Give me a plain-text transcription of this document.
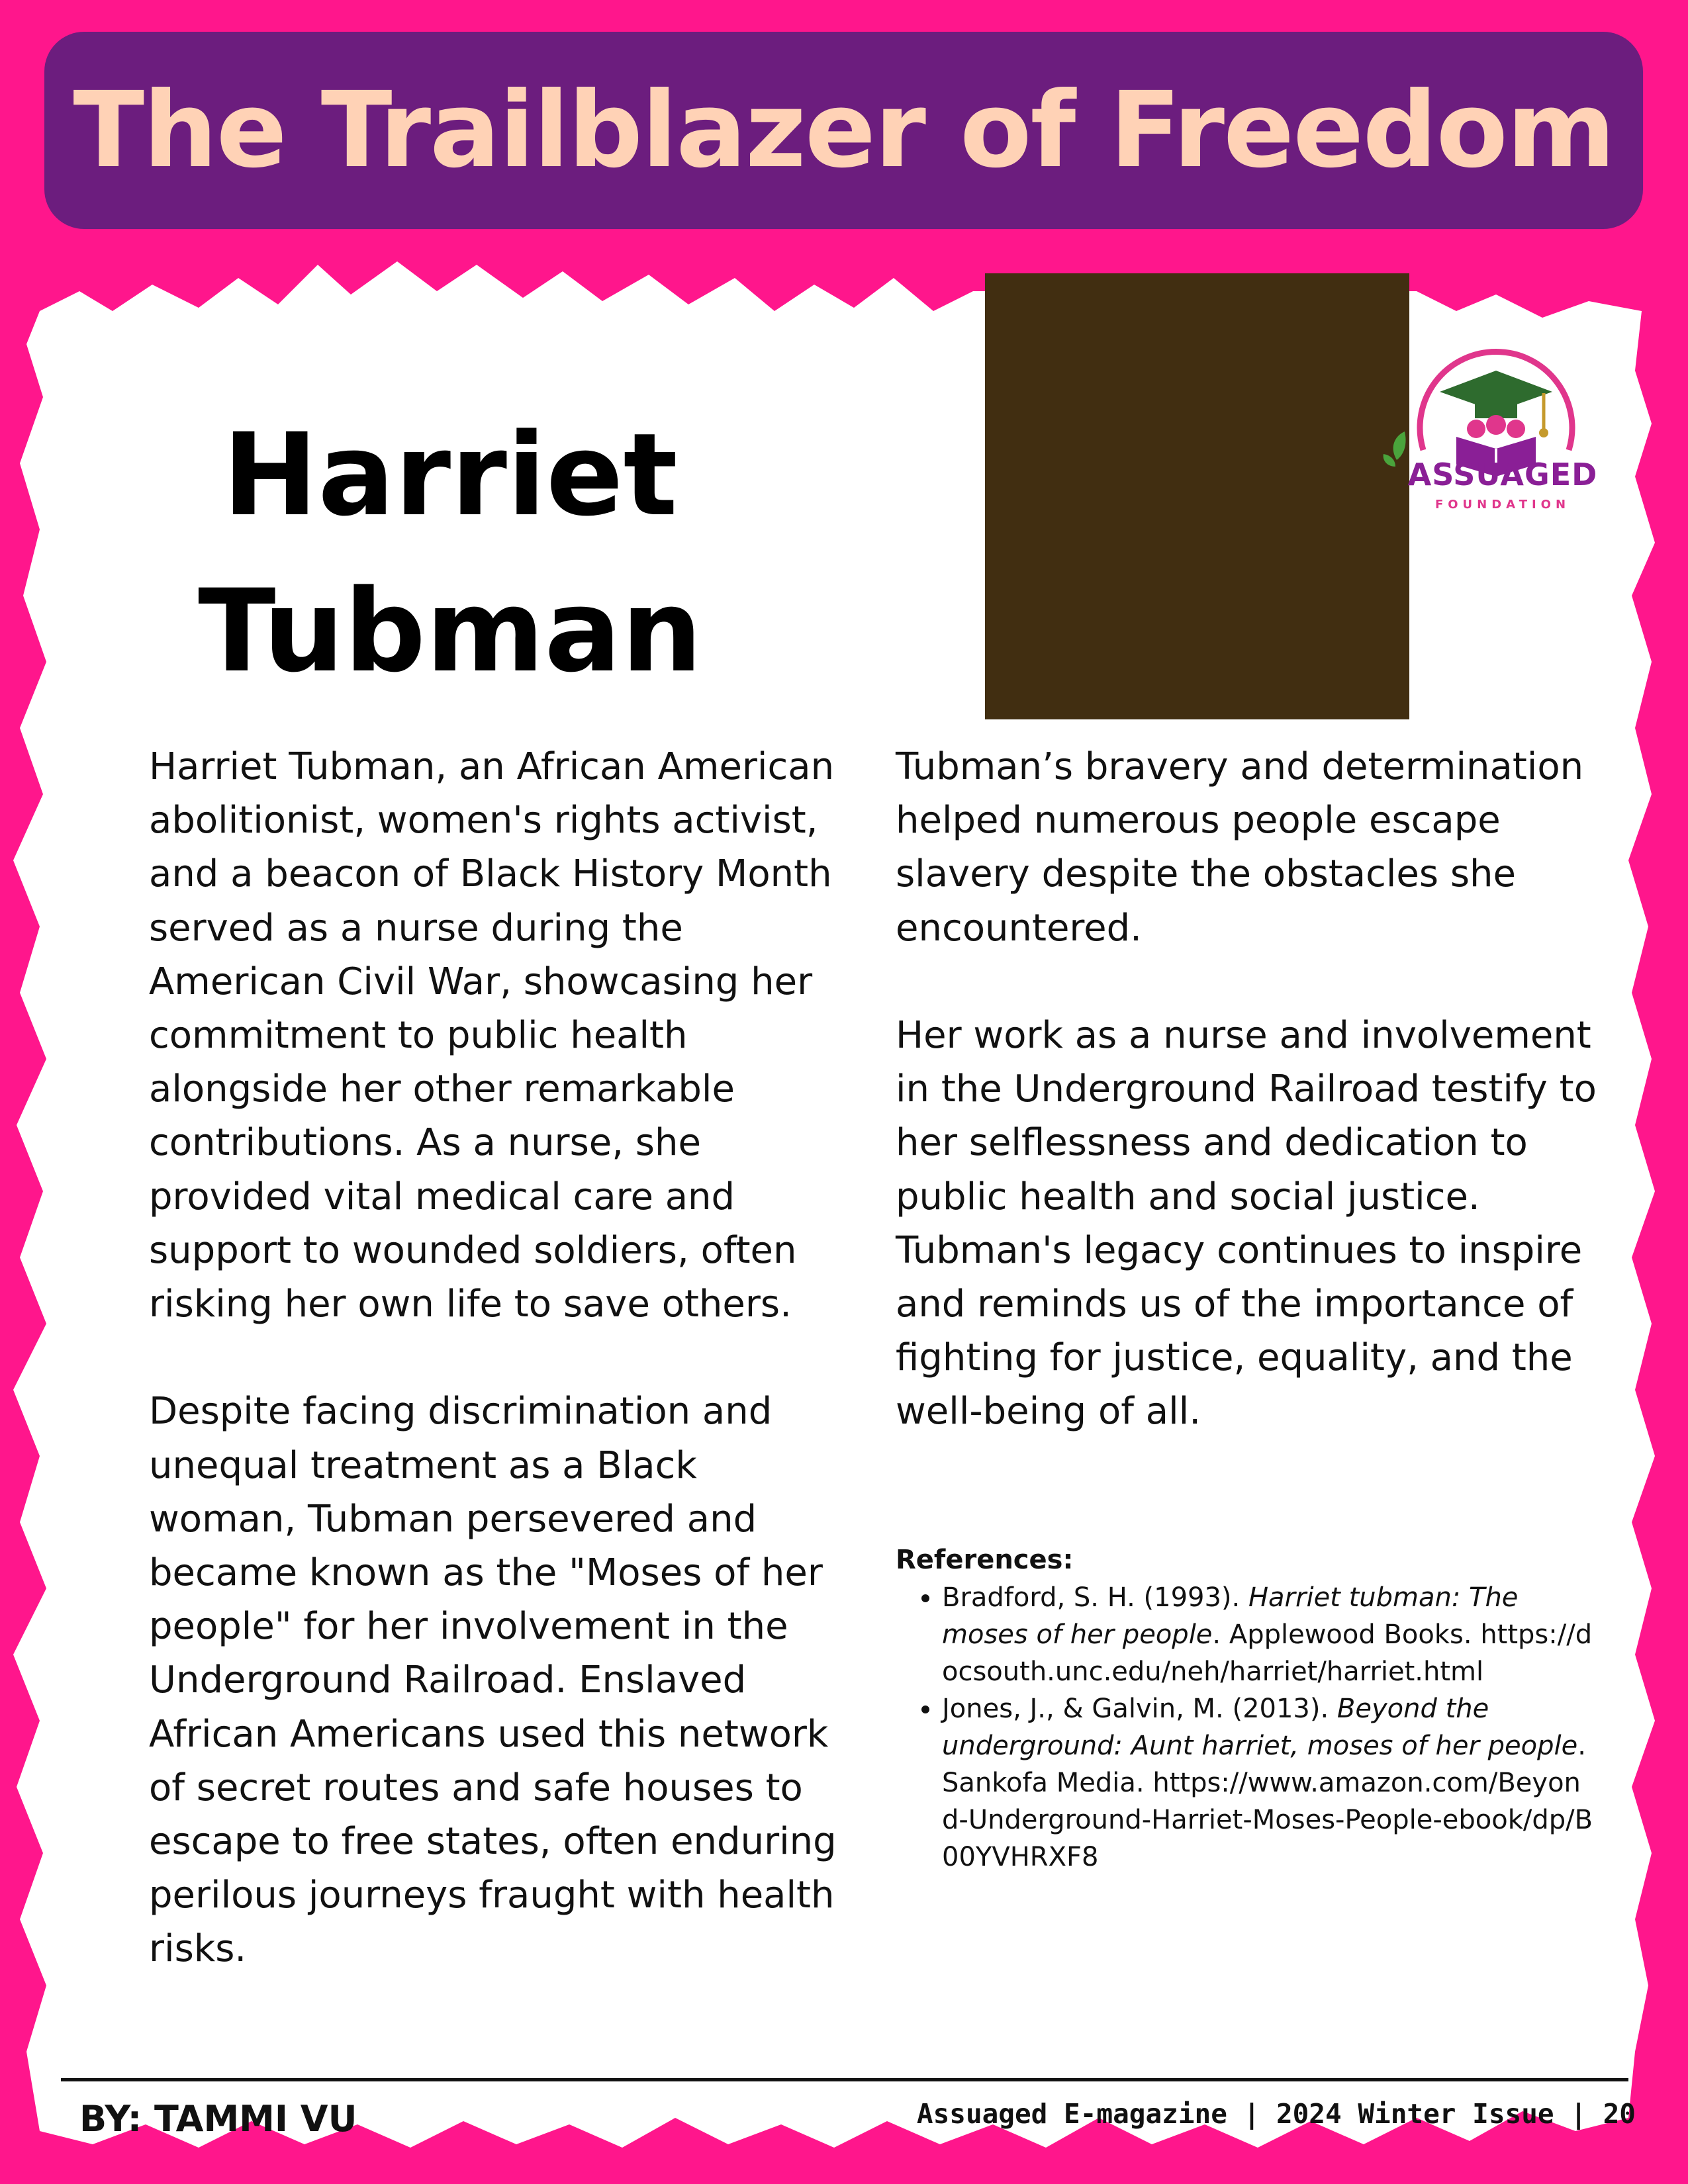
The Trailblazer of Freedom
Harriet Tubman

ASSUAGED

FOUNDATION

Harriet Tubman, an African American abolitionist, women's rights activist, and a beacon of Black History Month served as a nurse during the American Civil War, showcasing her commitment to public health alongside her other remarkable contributions. As a nurse, she provided vital medical care and support to wounded soldiers, often risking her own life to save others.

Despite facing discrimination and unequal treatment as a Black woman, Tubman persevered and became known as the "Moses of her people" for her involvement in the Underground Railroad. Enslaved African Americans used this network of secret routes and safe houses to escape to free states, often enduring perilous journeys fraught with health risks.

Tubman’s bravery and determination helped numerous people escape slavery despite the obstacles she encountered.

Her work as a nurse and involvement in the Underground Railroad testify to her selflessness and dedication to public health and social justice. Tubman's legacy continues to inspire and reminds us of the importance of fighting for justice, equality, and the well-being of all.

References:
• Bradford, S. H. (1993). Harriet tubman: The moses of her people. Applewood Books. https://docsouth.unc.edu/neh/harriet/harriet.html
• Jones, J., & Galvin, M. (2013). Beyond the underground: Aunt harriet, moses of her people. Sankofa Media. https://www.amazon.com/Beyond-Underground-Harriet-Moses-People-ebook/dp/B00YVHRXF8

BY: TAMMI VU	Assuaged E-magazine | 2024 Winter Issue | 20
